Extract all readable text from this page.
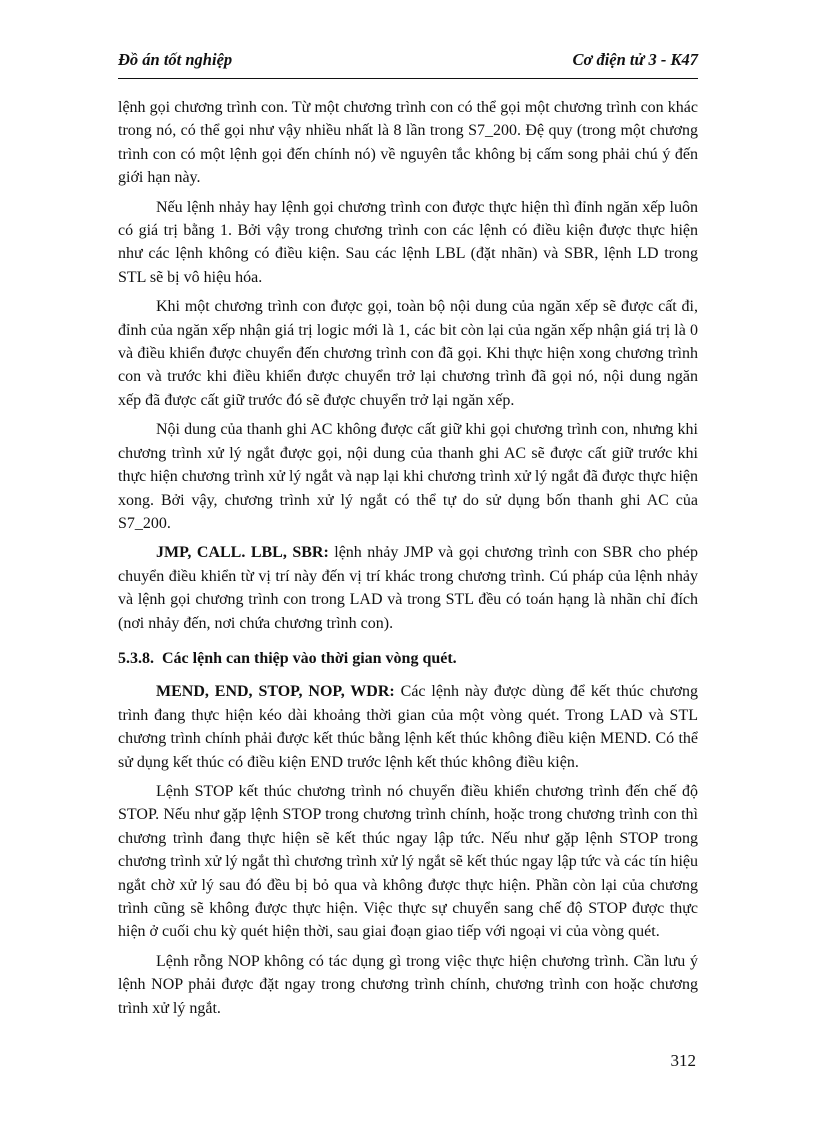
Đồ án tốt nghiệp	Cơ điện tử 3 - K47

lệnh gọi chương trình con. Từ một chương trình con có thể gọi một chương trình con khác trong nó, có thể gọi như vậy nhiều nhất là 8 lần trong S7_200. Đệ quy (trong một chương trình con có một lệnh gọi đến chính nó) về nguyên tắc không bị cấm song phải chú ý đến giới hạn này.

Nếu lệnh nhảy hay lệnh gọi chương trình con được thực hiện thì đỉnh ngăn xếp luôn có giá trị bằng 1. Bởi vậy trong chương trình con các lệnh có điều kiện được thực hiện như các lệnh không có điều kiện. Sau các lệnh LBL (đặt nhãn) và SBR, lệnh LD trong STL sẽ bị vô hiệu hóa.

Khi một chương trình con được gọi, toàn bộ nội dung của ngăn xếp sẽ được cất đi, đỉnh của ngăn xếp nhận giá trị logic mới là 1, các bit còn lại của ngăn xếp nhận giá trị là 0 và điều khiển được chuyển đến chương trình con đã gọi. Khi thực hiện xong chương trình con và trước khi điều khiển được chuyển trở lại chương trình đã gọi nó, nội dung ngăn xếp đã được cất giữ trước đó sẽ được chuyển trở lại ngăn xếp.

Nội dung của thanh ghi AC không được cất giữ khi gọi chương trình con, nhưng khi chương trình xử lý ngắt được gọi, nội dung của thanh ghi AC sẽ được cất giữ trước khi thực hiện chương trình xử lý ngắt và nạp lại khi chương trình xử lý ngắt đã được thực hiện xong. Bởi vậy, chương trình xử lý ngắt có thể tự do sử dụng bốn thanh ghi AC của S7_200.

JMP, CALL. LBL, SBR: lệnh nhảy JMP và gọi chương trình con SBR cho phép chuyển điều khiển từ vị trí này đến vị trí khác trong chương trình. Cú pháp của lệnh nhảy và lệnh gọi chương trình con trong LAD và trong STL đều có toán hạng là nhãn chỉ đích (nơi nhảy đến, nơi chứa chương trình con).

5.3.8. Các lệnh can thiệp vào thời gian vòng quét.

MEND, END, STOP, NOP, WDR: Các lệnh này được dùng để kết thúc chương trình đang thực hiện kéo dài khoảng thời gian của một vòng quét. Trong LAD và STL chương trình chính phải được kết thúc bằng lệnh kết thúc không điều kiện MEND. Có thể sử dụng kết thúc có điều kiện END trước lệnh kết thúc không điều kiện.

Lệnh STOP kết thúc chương trình nó chuyển điều khiển chương trình đến chế độ STOP. Nếu như gặp lệnh STOP trong chương trình chính, hoặc trong chương trình con thì chương trình đang thực hiện sẽ kết thúc ngay lập tức. Nếu như gặp lệnh STOP trong chương trình xử lý ngắt thì chương trình xử lý ngắt sẽ kết thúc ngay lập tức và các tín hiệu ngắt chờ xử lý sau đó đều bị bỏ qua và không được thực hiện. Phần còn lại của chương trình cũng sẽ không được thực hiện. Việc thực sự chuyển sang chế độ STOP được thực hiện ở cuối chu kỳ quét hiện thời, sau giai đoạn giao tiếp với ngoại vi của vòng quét.

Lệnh rỗng NOP không có tác dụng gì trong việc thực hiện chương trình. Cần lưu ý lệnh NOP phải được đặt ngay trong chương trình chính, chương trình con hoặc chương trình xử lý ngắt.

312
